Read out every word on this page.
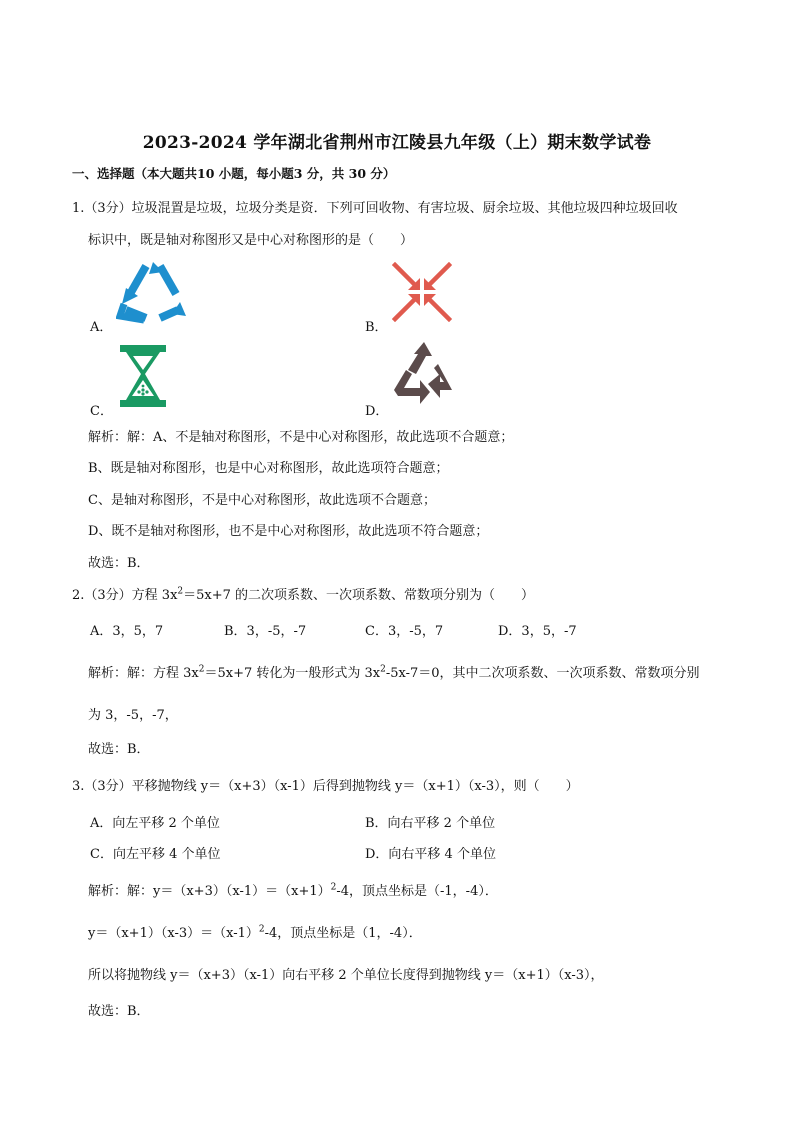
2023-2024 学年湖北省荆州市江陵县九年级（上）期末数学试卷
一、选择题（本大题共10 小题，每小题3 分，共 30 分）
1.（3分）垃圾混置是垃圾，垃圾分类是资．下列可回收物、有害垃圾、厨余垃圾、其他垃圾四种垃圾回收
标识中，既是轴对称图形又是中心对称图形的是（　　）
A．	B．
C．	D．
解析：解：A、不是轴对称图形，不是中心对称图形，故此选项不合题意；
B、既是轴对称图形，也是中心对称图形，故此选项符合题意；
C、是轴对称图形，不是中心对称图形，故此选项不合题意；
D、既不是轴对称图形，也不是中心对称图形，故此选项不符合题意；
故选：B．
2.（3分）方程 $3x^2=5x+7$ 的二次项系数、一次项系数、常数项分别为（　　）
A．3，5，7	B．3，-5，-7	C．3，-5，7	D．3，5，-7
解析：解：方程 $3x^2=5x+7$ 转化为一般形式为 $3x^2-5x-7=0$，其中二次项系数、一次项系数、常数项分别
为 3，-5，-7，
故选：B．
3.（3分）平移抛物线 y＝（x+3）（x-1）后得到抛物线 y＝（x+1）（x-3），则（　　）
A．向左平移 2 个单位	B．向右平移 2 个单位
C．向左平移 4 个单位	D．向右平移 4 个单位
解析：解：$y=(x+3)(x-1)=(x+1)^2-4$，顶点坐标是（-1，-4）．
$y=(x+1)(x-3)=(x-1)^2-4$，顶点坐标是（1，-4）．
所以将抛物线 y＝（x+3）（x-1）向右平移 2 个单位长度得到抛物线 y＝（x+1）（x-3），
故选：B．
